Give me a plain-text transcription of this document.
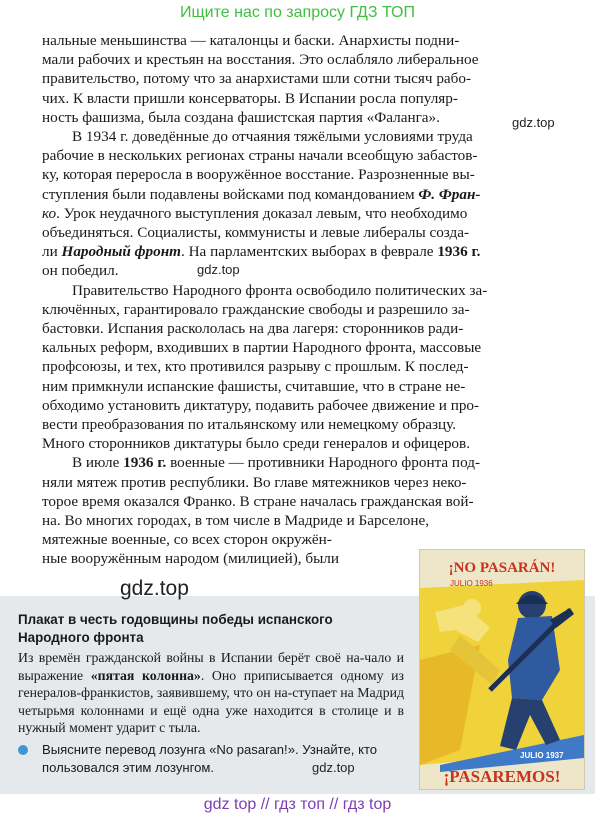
Ищите нас по запросу ГДЗ ТОП
нальные меньшинства — каталонцы и баски. Анархисты подни-
мали рабочих и крестьян на восстания. Это ослабляло либеральное
правительство, потому что за анархистами шли сотни тысяч рабо-
чих. К власти пришли консерваторы. В Испании росла популяр-
ность фашизма, была создана фашистская партия «Фаланга».
В 1934 г. доведённые до отчаяния тяжёлыми условиями труда
рабочие в нескольких регионах страны начали всеобщую забастов-
ку, которая переросла в вооружённое восстание. Разрозненные вы-
ступления были подавлены войсками под командованием Ф. Фран-
ко. Урок неудачного выступления доказал левым, что необходимо
объединяться. Социалисты, коммунисты и левые либералы созда-
ли Народный фронт. На парламентских выборах в феврале 1936 г.
он победил.
Правительство Народного фронта освободило политических за-
ключённых, гарантировало гражданские свободы и разрешило за-
бастовки. Испания раскололась на два лагеря: сторонников ради-
кальных реформ, входивших в партии Народного фронта, массовые
профсоюзы, и тех, кто противился разрыву с прошлым. К послед-
ним примкнули испанские фашисты, считавшие, что в стране не-
обходимо установить диктатуру, подавить рабочее движение и про-
вести преобразования по итальянскому или немецкому образцу.
Много сторонников диктатуры было среди генералов и офицеров.
В июле 1936 г. военные — противники Народного фронта под-
няли мятеж против республики. Во главе мятежников через неко-
торое время оказался Франко. В стране началась гражданская вой-
на. Во многих городах, в том числе в Мадриде и Барселоне,
мятежные военные, со всех сторон окружён-
ные вооружённым народом (милицией), были
gdz.top
gdz.top
gdz.top
Плакат в честь годовщины победы испанского Народного фронта
Из времён гражданской войны в Испании берёт своё на-чало и выражение «пятая колонна». Оно приписывается одному из генералов-франкистов, заявившему, что он на-ступает на Мадрид четырьмя колоннами и ещё одна уже находится в столице и в нужный момент ударит с тыла.
Выясните перевод лозунга «No pasaran!». Узнайте, кто пользовался этим лозунгом.	gdz.top
¡NO PASARÁN!
JULIO 1936
JULIO 1937
¡PASAREMOS!
gdz top // гдз топ // гдз top
